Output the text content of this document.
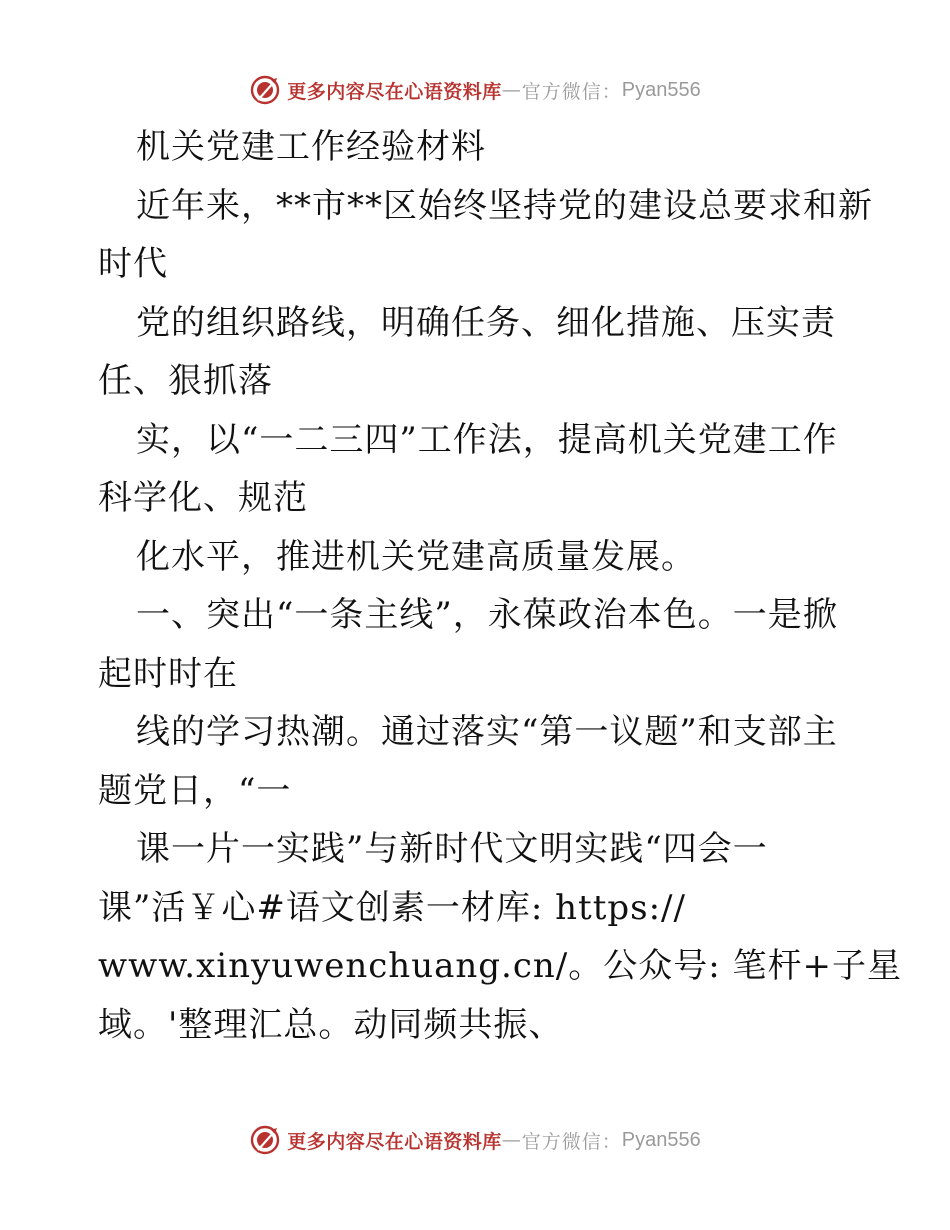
更多内容尽在心语资料库 — 官方微信： Pyan556
机关党建工作经验材料
近年来，**市**区始终坚持党的建设总要求和新
时代
党的组织路线，明确任务、细化措施、压实责
任、狠抓落
实，以“一二三四”工作法，提高机关党建工作
科学化、规范
化水平，推进机关党建高质量发展。
一、突出“一条主线”，永葆政治本色。一是掀
起时时在
线的学习热潮。通过落实“第一议题”和支部主
题党日，“一
课一片一实践”与新时代文明实践“四会一
课”活￥心#语文创素一材库: https://
www.xinyuwenchuang.cn/。公众号: 笔杆+子星
域。'整理汇总。动同频共振、
更多内容尽在心语资料库 — 官方微信： Pyan556
